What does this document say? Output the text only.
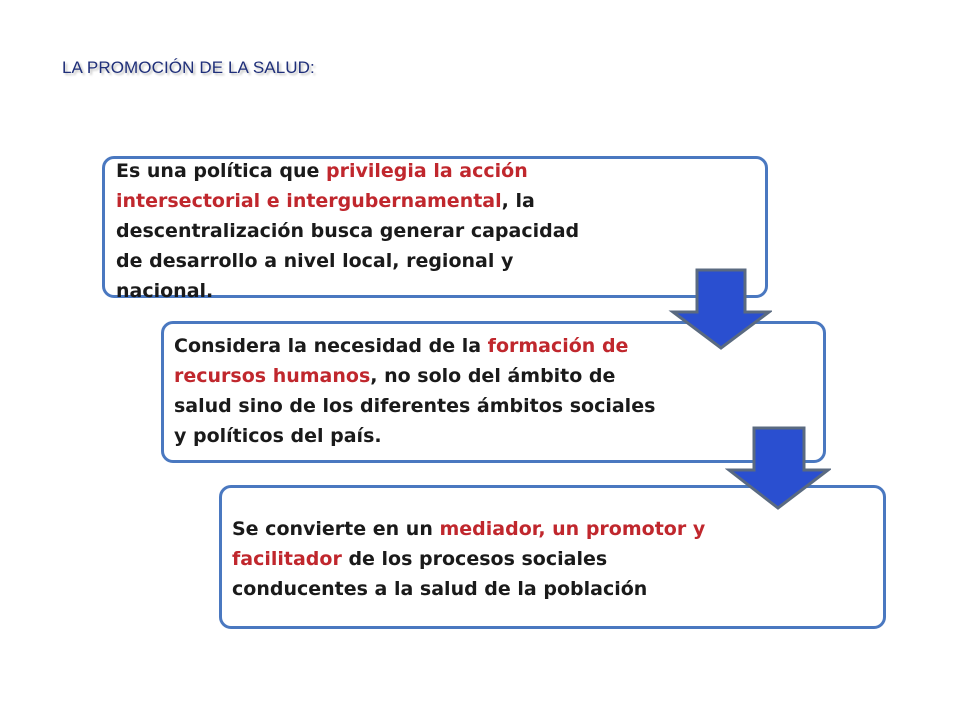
LA PROMOCIÓN DE LA SALUD:
Es una política que privilegia la acción intersectorial e intergubernamental, la descentralización busca generar capacidad de desarrollo a nivel local, regional y nacional.
Considera la necesidad de la formación de recursos humanos, no solo del ámbito de salud sino de los diferentes ámbitos sociales y políticos del país.
Se convierte en un mediador, un promotor y facilitador de los procesos sociales conducentes a la salud de la población
